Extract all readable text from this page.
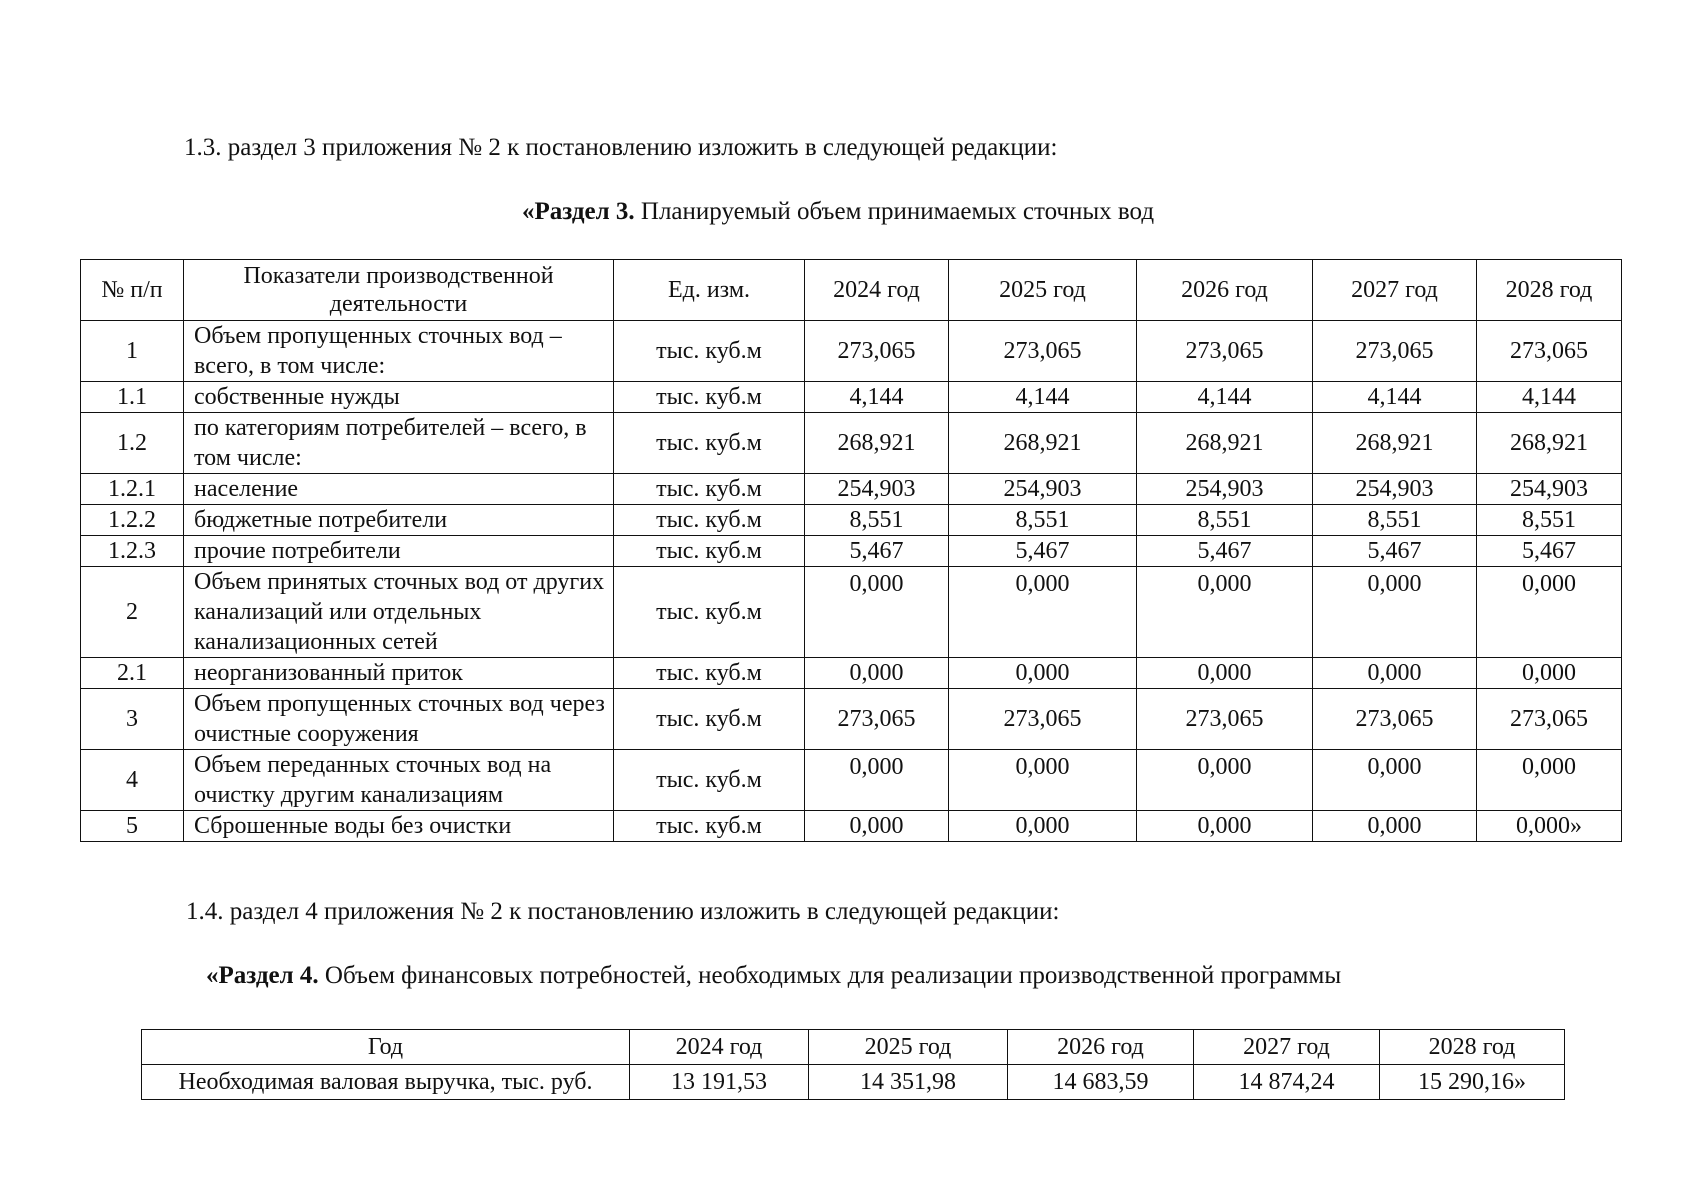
1.3. раздел 3 приложения № 2 к постановлению изложить в следующей редакции:
«Раздел 3. Планируемый объем принимаемых сточных вод
№ п/п	Показатели производственной деятельности	Ед. изм.	2024 год	2025 год	2026 год	2027 год	2028 год
1	Объем пропущенных сточных вод – всего, в том числе:	тыс. куб.м	273,065	273,065	273,065	273,065	273,065
1.1	собственные нужды	тыс. куб.м	4,144	4,144	4,144	4,144	4,144
1.2	по категориям потребителей – всего, в том числе:	тыс. куб.м	268,921	268,921	268,921	268,921	268,921
1.2.1	население	тыс. куб.м	254,903	254,903	254,903	254,903	254,903
1.2.2	бюджетные потребители	тыс. куб.м	8,551	8,551	8,551	8,551	8,551
1.2.3	прочие потребители	тыс. куб.м	5,467	5,467	5,467	5,467	5,467
2	Объем принятых сточных вод от других канализаций или отдельных канализационных сетей	тыс. куб.м	0,000	0,000	0,000	0,000	0,000
2.1	неорганизованный приток	тыс. куб.м	0,000	0,000	0,000	0,000	0,000
3	Объем пропущенных сточных вод через очистные сооружения	тыс. куб.м	273,065	273,065	273,065	273,065	273,065
4	Объем переданных сточных вод на очистку другим канализациям	тыс. куб.м	0,000	0,000	0,000	0,000	0,000
5	Сброшенные воды без очистки	тыс. куб.м	0,000	0,000	0,000	0,000	0,000»
1.4. раздел 4 приложения № 2 к постановлению изложить в следующей редакции:
«Раздел 4. Объем финансовых потребностей, необходимых для реализации производственной программы
Год	2024 год	2025 год	2026 год	2027 год	2028 год
Необходимая валовая выручка, тыс. руб.	13 191,53	14 351,98	14 683,59	14 874,24	15 290,16»
